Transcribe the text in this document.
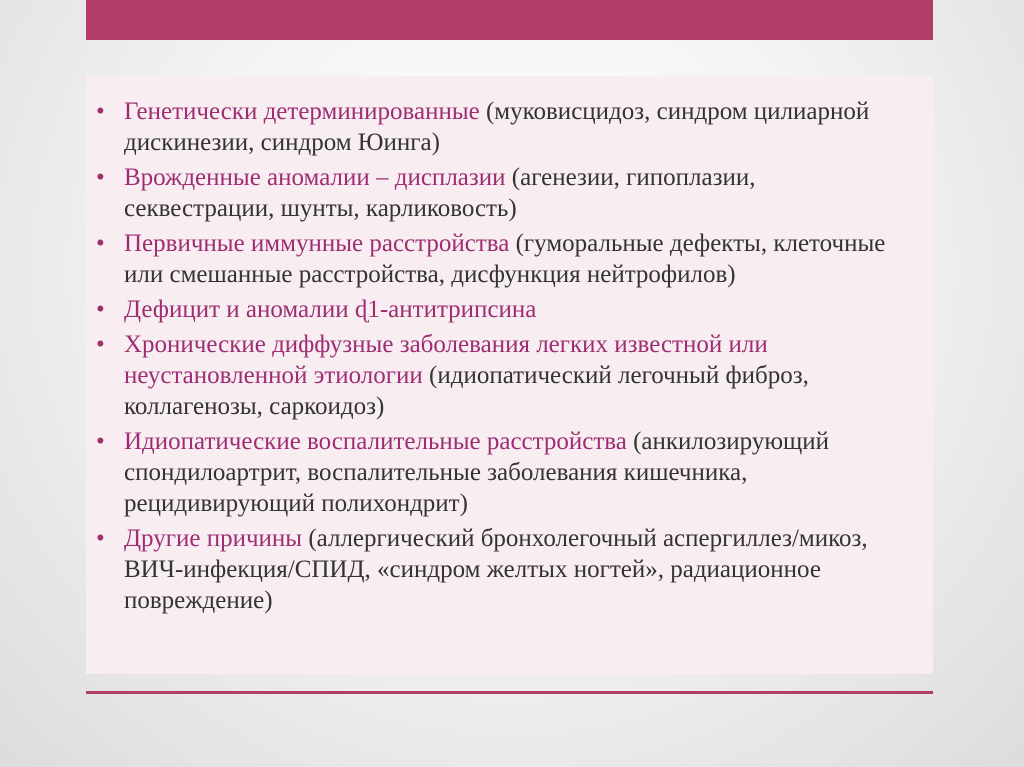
• Генетически детерминированные (муковисцидоз, синдром цилиарной дискинезии, синдром Юинга)
• Врожденные аномалии – дисплазии (агенезии, гипоплазии, секвестрации, шунты, карликовость)
• Первичные иммунные расстройства (гуморальные дефекты, клеточные или смешанные расстройства, дисфункция нейтрофилов)
• Дефицит и аномалии ɖ1-антитрипсина
• Хронические диффузные заболевания легких известной или неустановленной этиологии (идиопатический легочный фиброз, коллагенозы, саркоидоз)
• Идиопатические воспалительные расстройства (анкилозирующий спондилоартрит, воспалительные заболевания кишечника, рецидивирующий полихондрит)
• Другие причины (аллергический бронхолегочный аспергиллез/микоз, ВИЧ-инфекция/СПИД, «синдром желтых ногтей», радиационное повреждение)
